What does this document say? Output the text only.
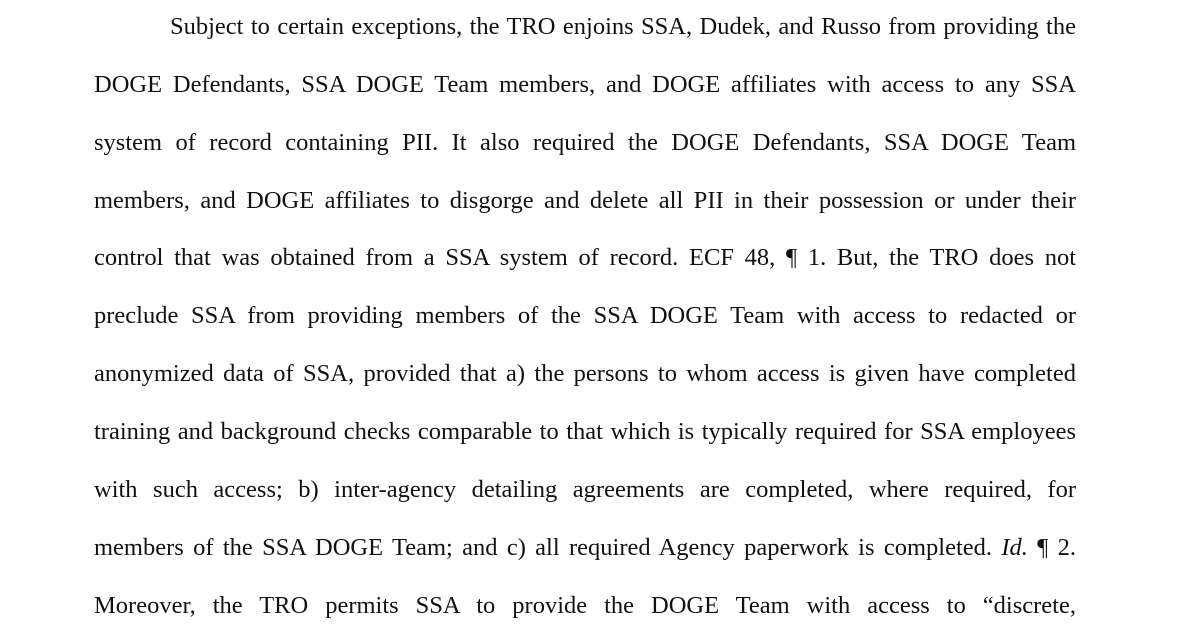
Subject to certain exceptions, the TRO enjoins SSA, Dudek, and Russo from providing the
DOGE Defendants, SSA DOGE Team members, and DOGE affiliates with access to any SSA
system of record containing PII. It also required the DOGE Defendants, SSA DOGE Team
members, and DOGE affiliates to disgorge and delete all PII in their possession or under their
control that was obtained from a SSA system of record. ECF 48, ¶ 1. But, the TRO does not
preclude SSA from providing members of the SSA DOGE Team with access to redacted or
anonymized data of SSA, provided that a) the persons to whom access is given have completed
training and background checks comparable to that which is typically required for SSA employees
with such access; b) inter-agency detailing agreements are completed, where required, for
members of the SSA DOGE Team; and c) all required Agency paperwork is completed. Id. ¶ 2.
Moreover, the TRO permits SSA to provide the DOGE Team with access to “discrete,
